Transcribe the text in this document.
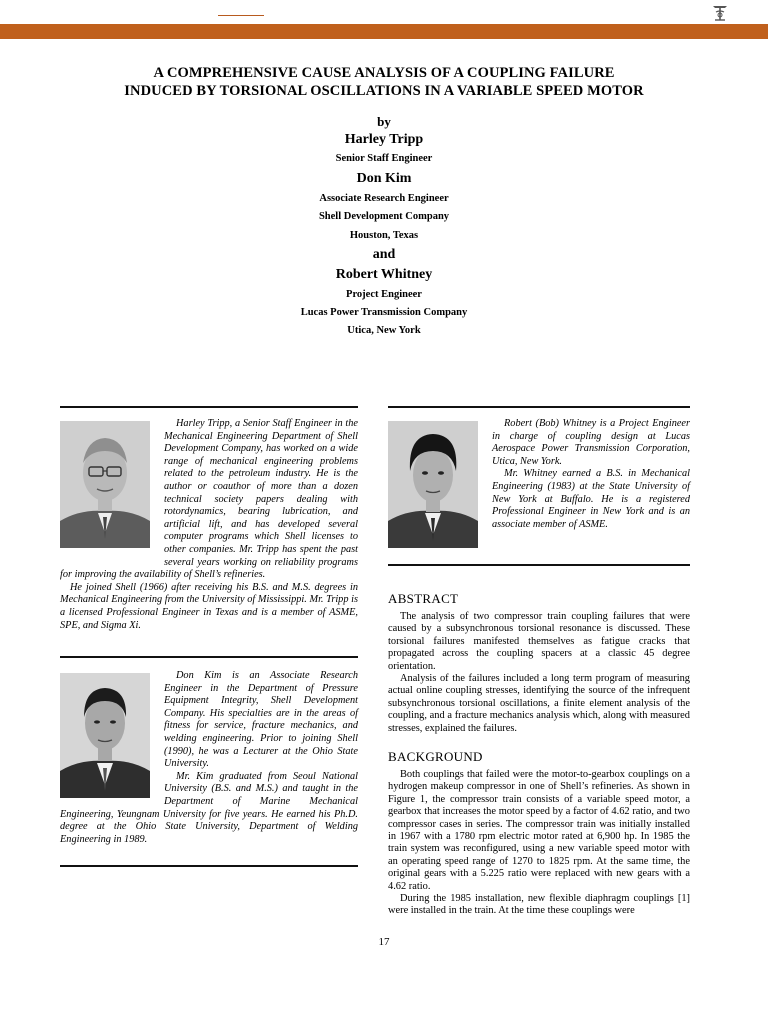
A COMPREHENSIVE CAUSE ANALYSIS OF A COUPLING FAILURE
INDUCED BY TORSIONAL OSCILLATIONS IN A VARIABLE SPEED MOTOR
by
Harley Tripp
Senior Staff Engineer
Don Kim
Associate Research Engineer
Shell Development Company
Houston, Texas
and
Robert Whitney
Project Engineer
Lucas Power Transmission Company
Utica, New York

Harley Tripp, a Senior Staff Engineer in the Mechanical Engineering Department of Shell Development Company, has worked on a wide range of mechanical engineering problems related to the petroleum industry. He is the author or coauthor of more than a dozen technical society papers dealing with rotordynamics, bearing lubrication, and artificial lift, and has developed several computer programs which Shell licenses to other companies. Mr. Tripp has spent the past several years working on reliability programs for improving the availability of Shell’s refineries.

He joined Shell (1966) after receiving his B.S. and M.S. degrees in Mechanical Engineering from the University of Mississippi. Mr. Tripp is a licensed Professional Engineer in Texas and is a member of ASME, SPE, and Sigma Xi.

Don Kim is an Associate Research Engineer in the Department of Pressure Equipment Integrity, Shell Development Company. His specialties are in the areas of fitness for service, fracture mechanics, and welding engineering. Prior to joining Shell (1990), he was a Lecturer at the Ohio State University.

Mr. Kim graduated from Seoul National University (B.S. and M.S.) and taught in the Department of Marine Mechanical Engineering, Yeungnam University for five years. He earned his Ph.D. degree at the Ohio State University, Department of Welding Engineering in 1989.

Robert (Bob) Whitney is a Project Engineer in charge of coupling design at Lucas Aerospace Power Transmission Corporation, Utica, New York.

Mr. Whitney earned a B.S. in Mechanical Engineering (1983) at the State University of New York at Buffalo. He is a registered Professional Engineer in New York and is an associate member of ASME.

ABSTRACT

The analysis of two compressor train coupling failures that were caused by a subsynchronous torsional resonance is discussed. These torsional failures manifested themselves as fatigue cracks that propagated across the coupling spacers at a classic 45 degree orientation.

Analysis of the failures included a long term program of measuring actual online coupling stresses, identifying the source of the infrequent subsynchronous torsional oscillations, a finite element analysis of the coupling, and a fracture mechanics analysis which, along with measured stresses, explained the failures.

BACKGROUND

Both couplings that failed were the motor-to-gearbox couplings on a hydrogen makeup compressor in one of Shell’s refineries. As shown in Figure 1, the compressor train consists of a variable speed motor, a gearbox that increases the motor speed by a factor of 4.62 ratio, and two compressor cases in series. The compressor train was initially installed in 1967 with a 1780 rpm electric motor rated at 6,900 hp. In 1985 the train system was reconfigured, using a new variable speed motor with an operating speed range of 1270 to 1825 rpm. At the same time, the original gears with a 5.225 ratio were replaced with new gears with a 4.62 ratio.

During the 1985 installation, new flexible diaphragm couplings [1] were installed in the train. At the time these couplings were

17
